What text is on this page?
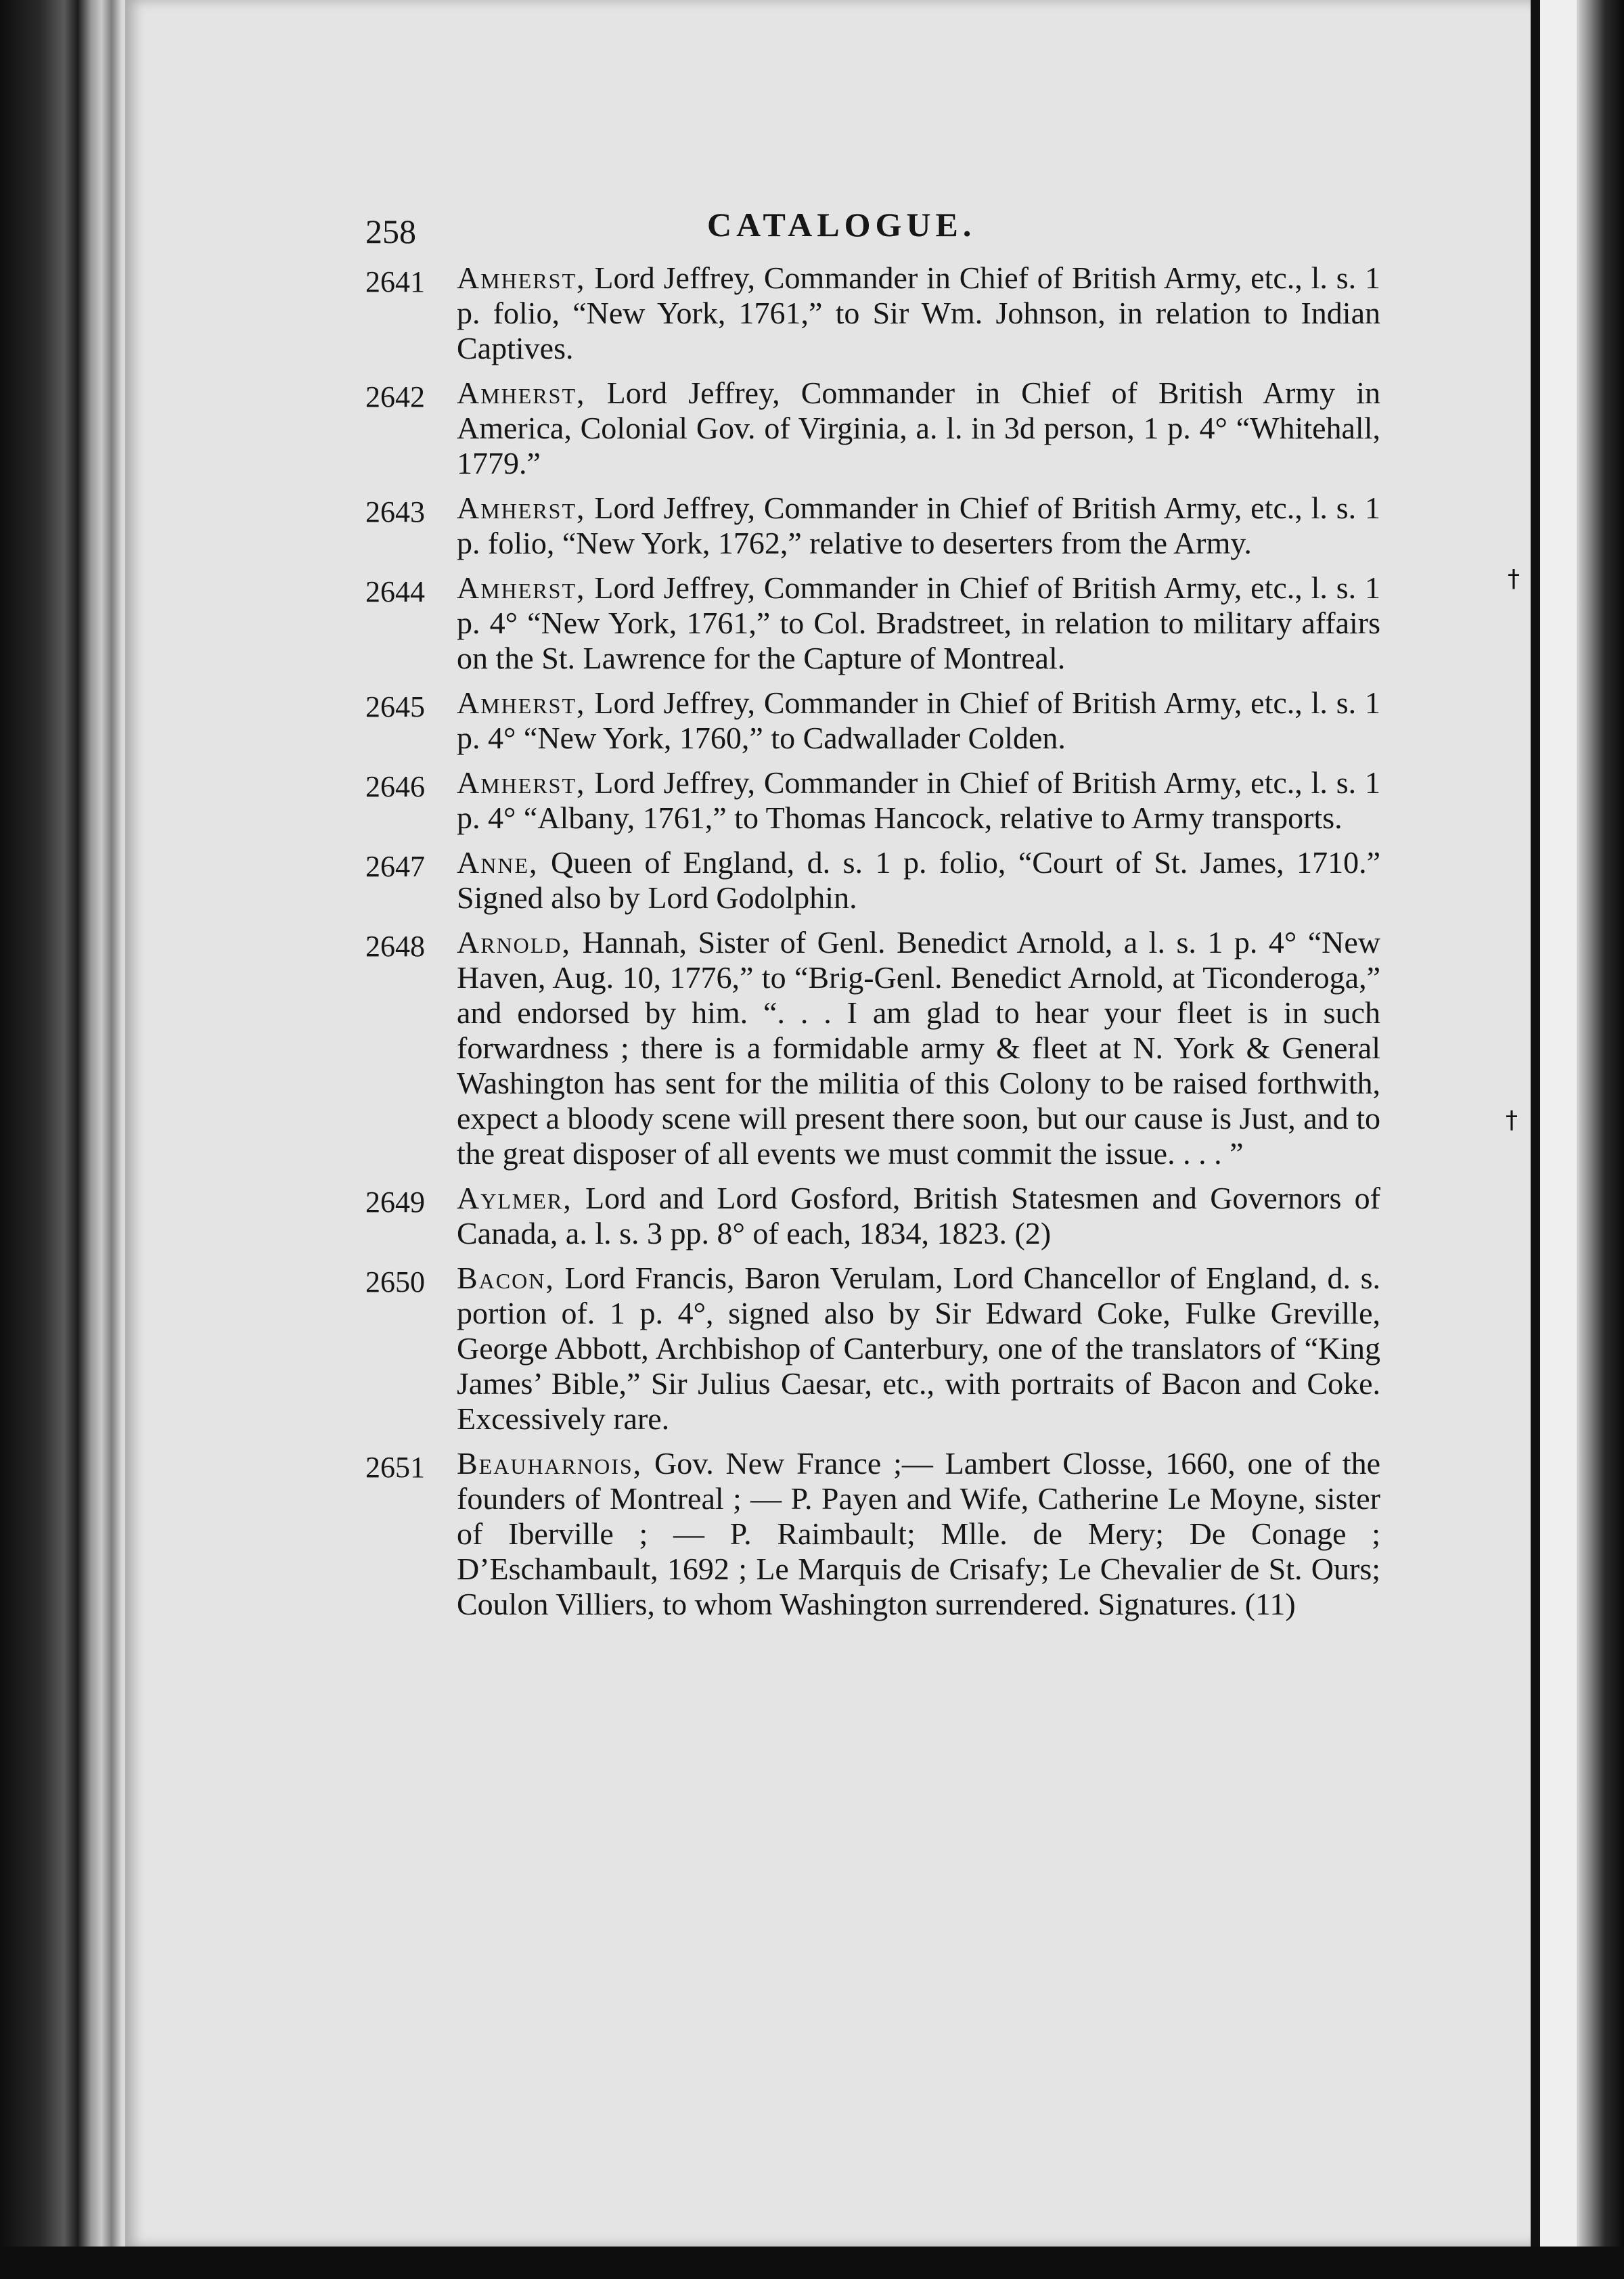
†
†
258	CATALOGUE.
2641 Amherst, Lord Jeffrey, Commander in Chief of British Army, etc., l. s. 1 p. folio, “New York, 1761,” to Sir Wm. Johnson, in relation to Indian Captives.
2642 Amherst, Lord Jeffrey, Commander in Chief of British Army in America, Colonial Gov. of Virginia, a. l. in 3d person, 1 p. 4° “Whitehall, 1779.”
2643 Amherst, Lord Jeffrey, Commander in Chief of British Army, etc., l. s. 1 p. folio, “New York, 1762,” relative to deserters from the Army.
2644 Amherst, Lord Jeffrey, Commander in Chief of British Army, etc., l. s. 1 p. 4° “New York, 1761,” to Col. Bradstreet, in relation to military affairs on the St. Lawrence for the Capture of Montreal.
2645 Amherst, Lord Jeffrey, Commander in Chief of British Army, etc., l. s. 1 p. 4° “New York, 1760,” to Cadwallader Colden.
2646 Amherst, Lord Jeffrey, Commander in Chief of British Army, etc., l. s. 1 p. 4° “Albany, 1761,” to Thomas Hancock, relative to Army transports.
2647 Anne, Queen of England, d. s. 1 p. folio, “Court of St. James, 1710.” Signed also by Lord Godolphin.
2648 Arnold, Hannah, Sister of Genl. Benedict Arnold, a l. s. 1 p. 4° “New Haven, Aug. 10, 1776,” to “Brig-Genl. Benedict Arnold, at Ticonderoga,” and endorsed by him. “. . . I am glad to hear your fleet is in such forwardness ; there is a formidable army & fleet at N. York & General Washington has sent for the militia of this Colony to be raised forthwith, expect a bloody scene will present there soon, but our cause is Just, and to the great disposer of all events we must commit the issue. . . . ”
2649 Aylmer, Lord and Lord Gosford, British Statesmen and Governors of Canada, a. l. s. 3 pp. 8° of each, 1834, 1823. (2)
2650 Bacon, Lord Francis, Baron Verulam, Lord Chancellor of England, d. s. portion of. 1 p. 4°, signed also by Sir Edward Coke, Fulke Greville, George Abbott, Archbishop of Canterbury, one of the translators of “King James’ Bible,” Sir Julius Caesar, etc., with portraits of Bacon and Coke. Excessively rare.
2651 Beauharnois, Gov. New France ;— Lambert Closse, 1660, one of the founders of Montreal ; — P. Payen and Wife, Catherine Le Moyne, sister of Iberville ; — P. Raimbault; Mlle. de Mery; De Conage ; D’Eschambault, 1692 ; Le Marquis de Crisafy; Le Chevalier de St. Ours; Coulon Villiers, to whom Washington surrendered. Signatures. (11)
